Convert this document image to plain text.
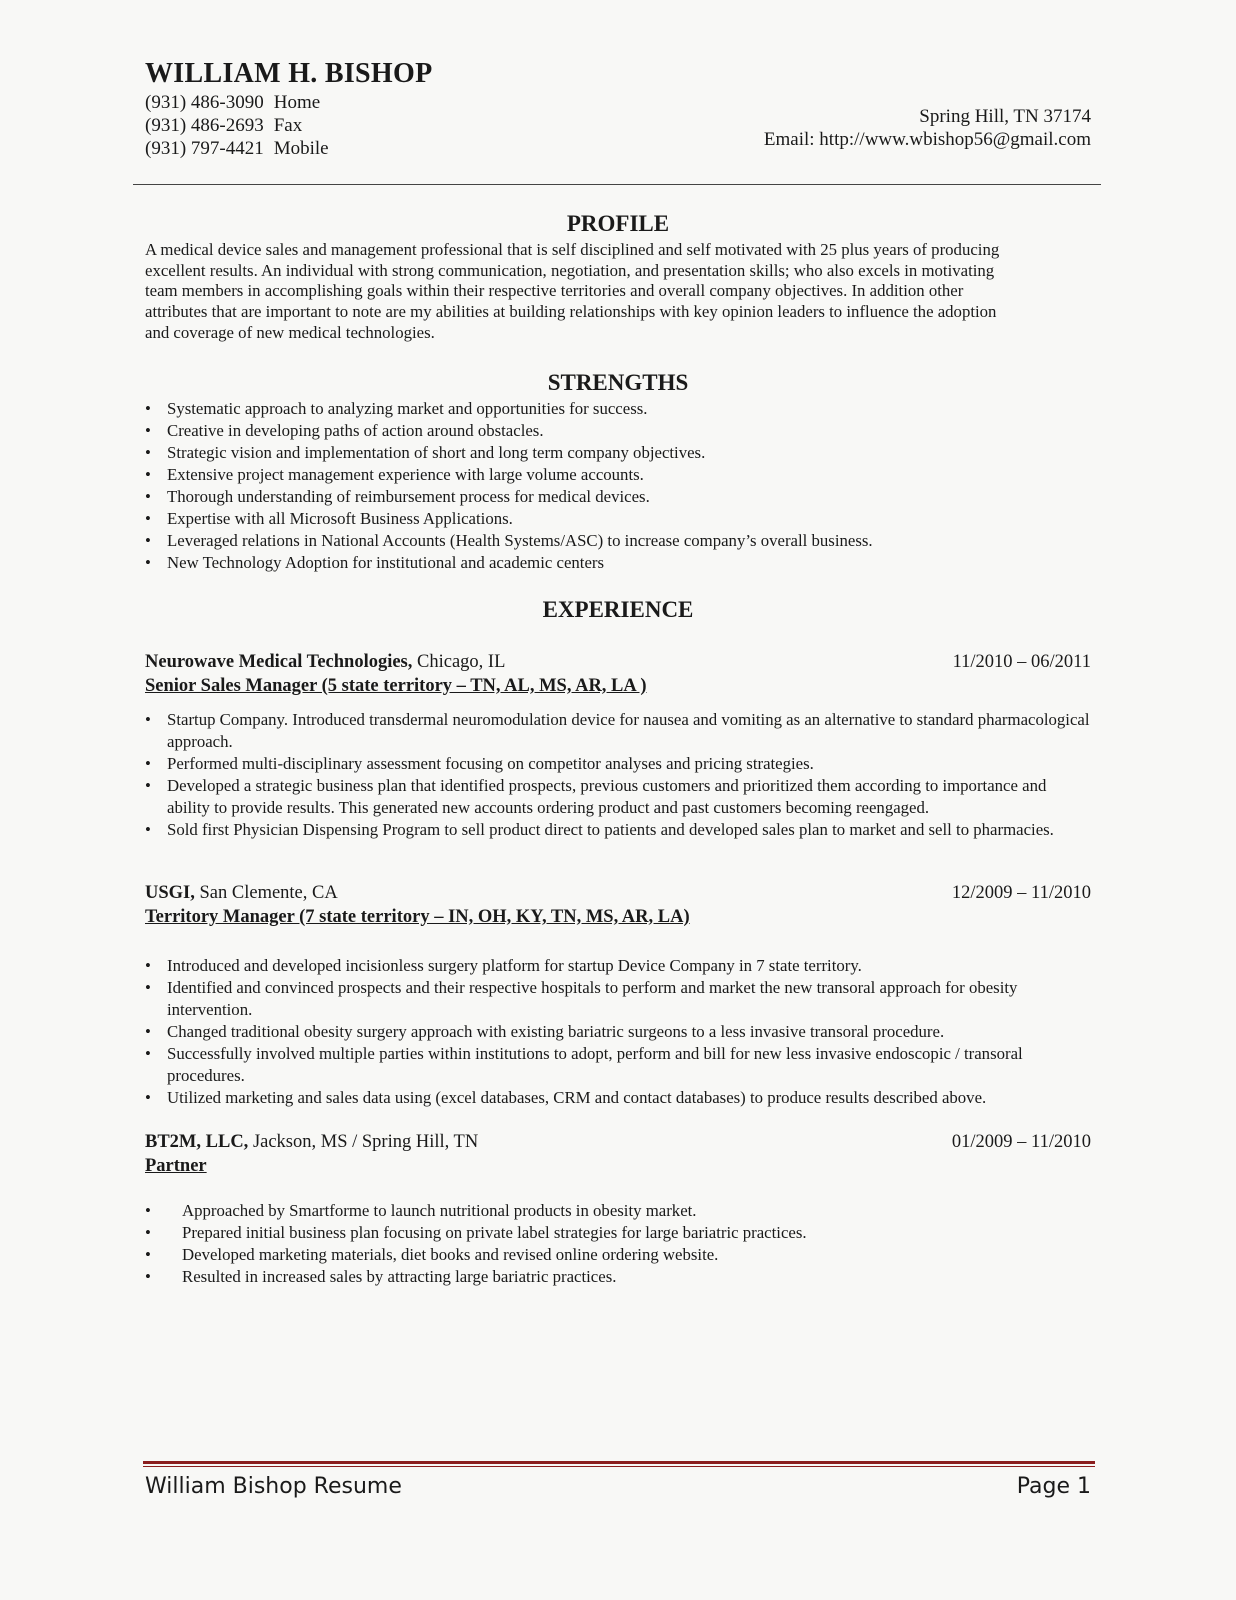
WILLIAM H. BISHOP
(931) 486-3090 Home
(931) 486-2693 Fax
(931) 797-4421 Mobile
Spring Hill, TN 37174
Email: http://www.wbishop56@gmail.com
PROFILE
A medical device sales and management professional that is self disciplined and self motivated with 25 plus years of producing
excellent results. An individual with strong communication, negotiation, and presentation skills; who also excels in motivating
team members in accomplishing goals within their respective territories and overall company objectives. In addition other
attributes that are important to note are my abilities at building relationships with key opinion leaders to influence the adoption
and coverage of new medical technologies.
STRENGTHS
• Systematic approach to analyzing market and opportunities for success.
• Creative in developing paths of action around obstacles.
• Strategic vision and implementation of short and long term company objectives.
• Extensive project management experience with large volume accounts.
• Thorough understanding of reimbursement process for medical devices.
• Expertise with all Microsoft Business Applications.
• Leveraged relations in National Accounts (Health Systems/ASC) to increase company’s overall business.
• New Technology Adoption for institutional and academic centers
EXPERIENCE
Neurowave Medical Technologies, Chicago, IL	11/2010 – 06/2011
Senior Sales Manager (5 state territory – TN, AL, MS, AR, LA )
• Startup Company. Introduced transdermal neuromodulation device for nausea and vomiting as an alternative to standard pharmacological approach.
• Performed multi-disciplinary assessment focusing on competitor analyses and pricing strategies.
• Developed a strategic business plan that identified prospects, previous customers and prioritized them according to importance and ability to provide results. This generated new accounts ordering product and past customers becoming reengaged.
• Sold first Physician Dispensing Program to sell product direct to patients and developed sales plan to market and sell to pharmacies.
USGI, San Clemente, CA	12/2009 – 11/2010
Territory Manager (7 state territory – IN, OH, KY, TN, MS, AR, LA)
• Introduced and developed incisionless surgery platform for startup Device Company in 7 state territory.
• Identified and convinced prospects and their respective hospitals to perform and market the new transoral approach for obesity intervention.
• Changed traditional obesity surgery approach with existing bariatric surgeons to a less invasive transoral procedure.
• Successfully involved multiple parties within institutions to adopt, perform and bill for new less invasive endoscopic / transoral procedures.
• Utilized marketing and sales data using (excel databases, CRM and contact databases) to produce results described above.
BT2M, LLC, Jackson, MS / Spring Hill, TN	01/2009 – 11/2010
Partner
• Approached by Smartforme to launch nutritional products in obesity market.
• Prepared initial business plan focusing on private label strategies for large bariatric practices.
• Developed marketing materials, diet books and revised online ordering website.
• Resulted in increased sales by attracting large bariatric practices.
William Bishop Resume	Page 1
